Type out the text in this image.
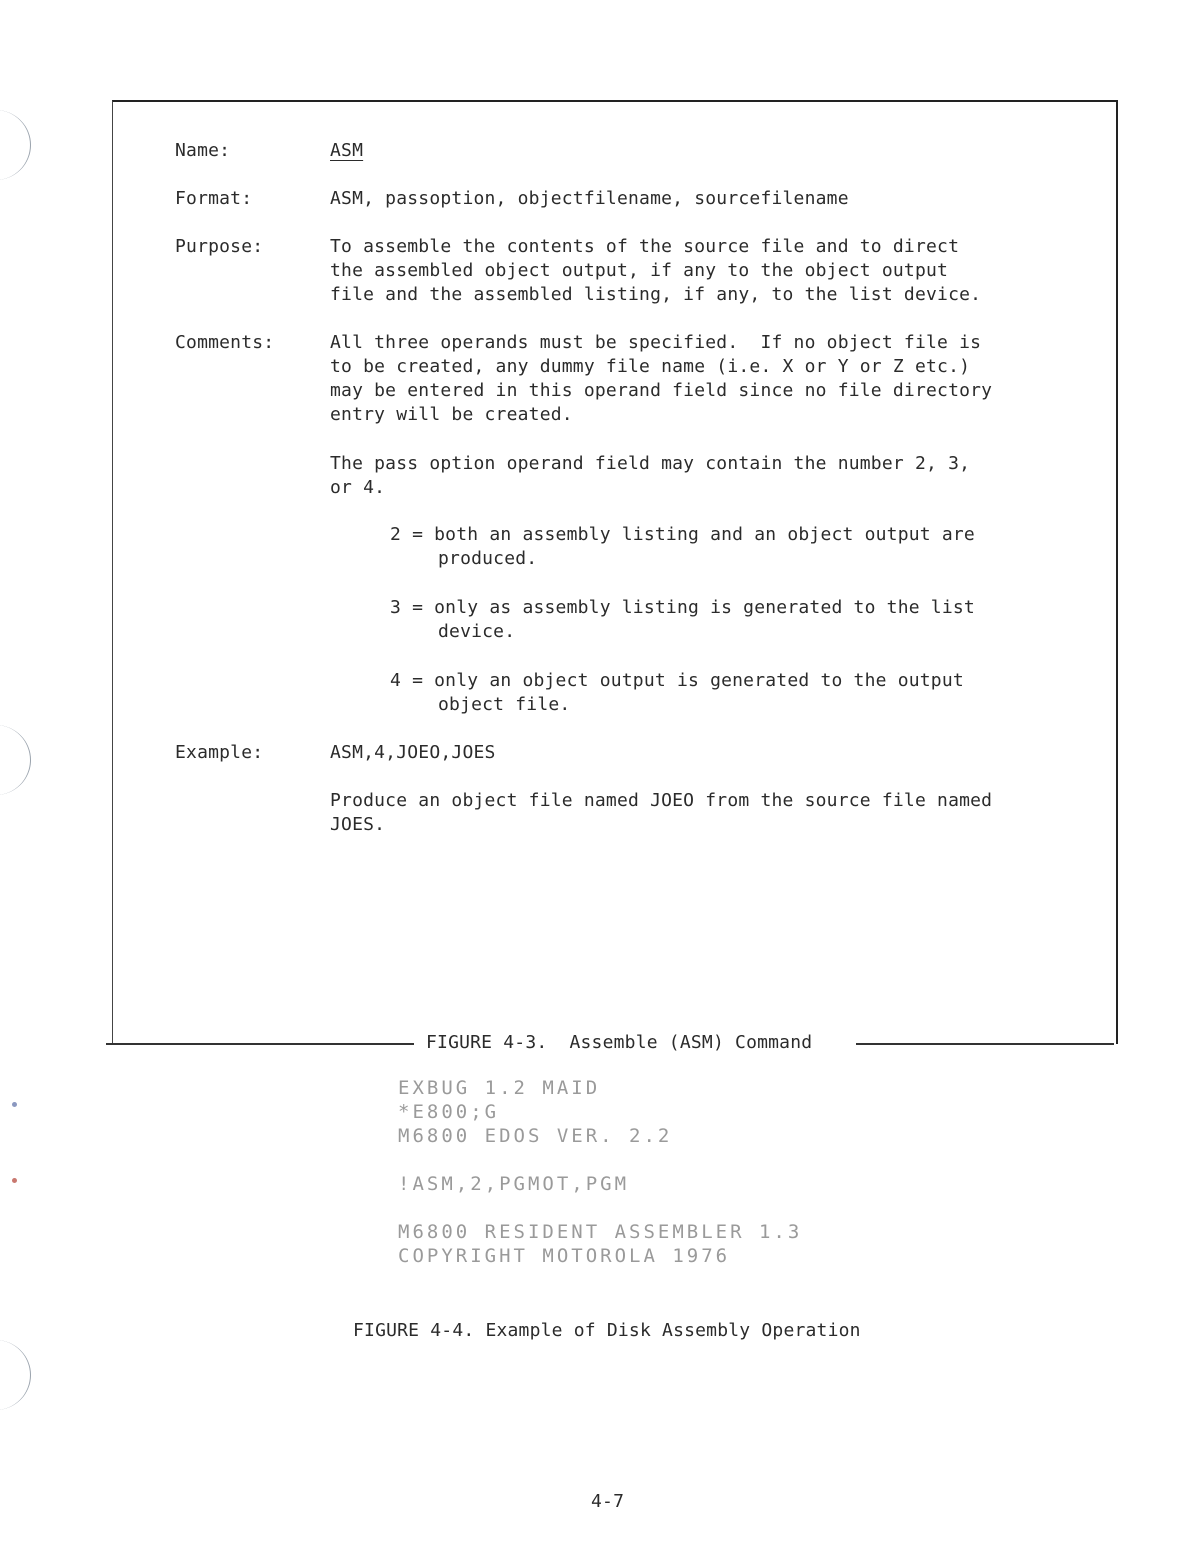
Name:
Format:
Purpose:
Comments:
Example:
ASM
ASM, passoption, objectfilename, sourcefilename
To assemble the contents of the source file and to direct
the assembled object output, if any to the object output
file and the assembled listing, if any, to the list device.
All three operands must be specified.  If no object file is
to be created, any dummy file name (i.e. X or Y or Z etc.)
may be entered in this operand field since no file directory
entry will be created.
The pass option operand field may contain the number 2, 3,
or 4.
2 = both an assembly listing and an object output are
produced.
3 = only as assembly listing is generated to the list
device.
4 = only an object output is generated to the output
object file.
ASM,4,JOEO,JOES
Produce an object file named JOEO from the source file named
JOES.
FIGURE 4-3.  Assemble (ASM) Command
EXBUG 1.2 MAID
*E800;G
M6800 EDOS VER. 2.2
!ASM,2,PGMOT,PGM
M6800 RESIDENT ASSEMBLER 1.3
COPYRIGHT MOTOROLA 1976
FIGURE 4-4. Example of Disk Assembly Operation
4-7
